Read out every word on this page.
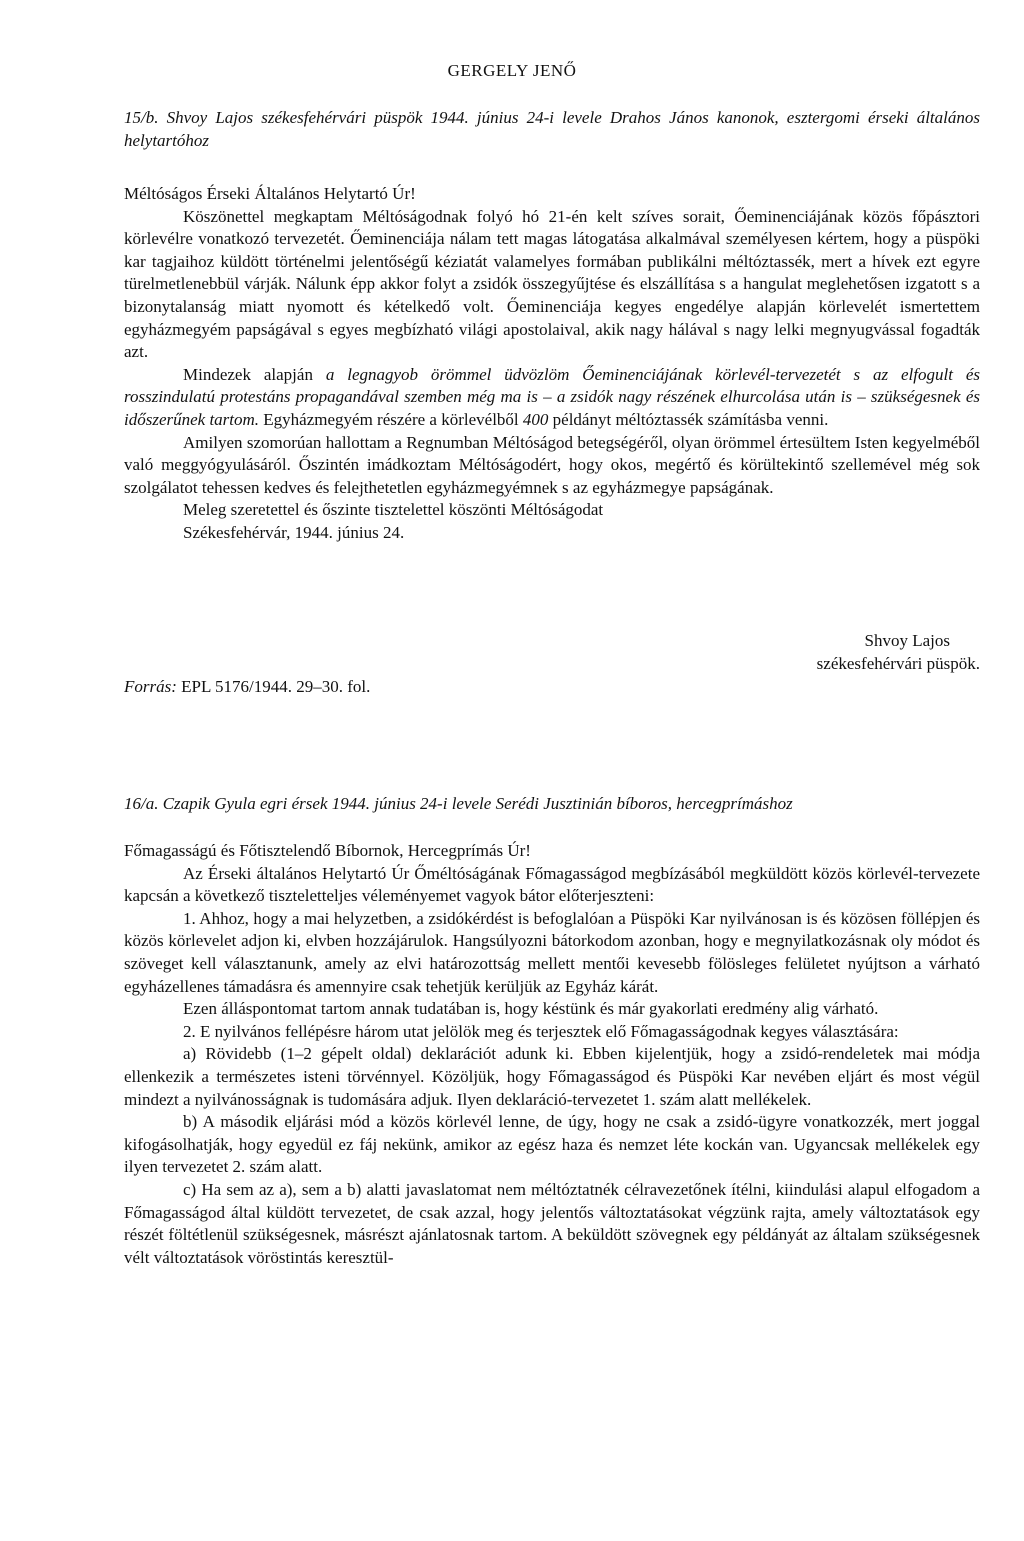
GERGELY JENŐ

15/b. Shvoy Lajos székesfehérvári püspök 1944. június 24-i levele Drahos János kanonok, esztergomi érseki általános helytartóhoz

Méltóságos Érseki Általános Helytartó Úr!

Köszönettel megkaptam Méltóságodnak folyó hó 21-én kelt szíves sorait, Őeminenciájának közös főpásztori körlevélre vonatkozó tervezetét. Őeminenciája nálam tett magas látogatása alkalmával személyesen kértem, hogy a püspöki kar tagjaihoz küldött történelmi jelentőségű kéziatát valamelyes formában publikálni méltóztassék, mert a hívek ezt egyre türelmetlenebbül várják. Nálunk épp akkor folyt a zsidók összegyűjtése és elszállítása s a hangulat meglehetősen izgatott s a bizonytalanság miatt nyomott és kételkedő volt. Őeminenciája kegyes engedélye alapján körlevelét ismertettem egyházmegyém papságával s egyes megbízható világi apostolaival, akik nagy hálával s nagy lelki megnyugvással fogadták azt.

Mindezek alapján a legnagyob örömmel üdvözlöm Őeminenciájának körlevél-tervezetét s az elfogult és rosszindulatú protestáns propagandával szemben még ma is – a zsidók nagy részének elhurcolása után is – szükségesnek és időszerűnek tartom. Egyházmegyém részére a körlevélből 400 példányt méltóztassék számításba venni.

Amilyen szomorúan hallottam a Regnumban Méltóságod betegségéről, olyan örömmel értesültem Isten kegyelméből való meggyógyulásáról. Őszintén imádkoztam Méltóságodért, hogy okos, megértő és körültekintő szellemével még sok szolgálatot tehessen kedves és felejthetetlen egyházmegyémnek s az egyházmegye papságának.

Meleg szeretettel és őszinte tisztelettel köszönti Méltóságodat

Székesfehérvár, 1944. június 24.

Shvoy Lajos

székesfehérvári püspök.

Forrás: EPL 5176/1944. 29–30. fol.

16/a. Czapik Gyula egri érsek 1944. június 24-i levele Serédi Jusztinián bíboros, hercegprímáshoz

Főmagasságú és Főtisztelendő Bíbornok, Hercegprímás Úr!

Az Érseki általános Helytartó Úr Őméltóságának Főmagasságod megbízásából megküldött közös körlevél-tervezete kapcsán a következő tiszteletteljes véleményemet vagyok bátor előterjeszteni:

1. Ahhoz, hogy a mai helyzetben, a zsidókérdést is befoglalóan a Püspöki Kar nyilvánosan is és közösen föllépjen és közös körlevelet adjon ki, elvben hozzájárulok. Hangsúlyozni bátorkodom azonban, hogy e megnyilatkozásnak oly módot és szöveget kell választanunk, amely az elvi határozottság mellett mentői kevesebb fölösleges felületet nyújtson a várható egyházellenes támadásra és amennyire csak tehetjük kerüljük az Egyház kárát.

Ezen álláspontomat tartom annak tudatában is, hogy késtünk és már gyakorlati eredmény alig várható.

2. E nyilvános fellépésre három utat jelölök meg és terjesztek elő Főmagasságodnak kegyes választására:

a) Rövidebb (1–2 gépelt oldal) deklarációt adunk ki. Ebben kijelentjük, hogy a zsidó-rendeletek mai módja ellenkezik a természetes isteni törvénnyel. Közöljük, hogy Főmagasságod és Püspöki Kar nevében eljárt és most végül mindezt a nyilvánosságnak is tudomására adjuk. Ilyen deklaráció-tervezetet 1. szám alatt mellékelek.

b) A második eljárási mód a közös körlevél lenne, de úgy, hogy ne csak a zsidó-ügyre vonatkozzék, mert joggal kifogásolhatják, hogy egyedül ez fáj nekünk, amikor az egész haza és nemzet léte kockán van. Ugyancsak mellékelek egy ilyen tervezetet 2. szám alatt.

c) Ha sem az a), sem a b) alatti javaslatomat nem méltóztatnék célravezetőnek ítélni, kiindulási alapul elfogadom a Főmagasságod által küldött tervezetet, de csak azzal, hogy jelentős változtatásokat végzünk rajta, amely változtatások egy részét föltétlenül szükségesnek, másrészt ajánlatosnak tartom. A beküldött szövegnek egy példányát az általam szükségesnek vélt változtatások vöröstintás keresztül-
